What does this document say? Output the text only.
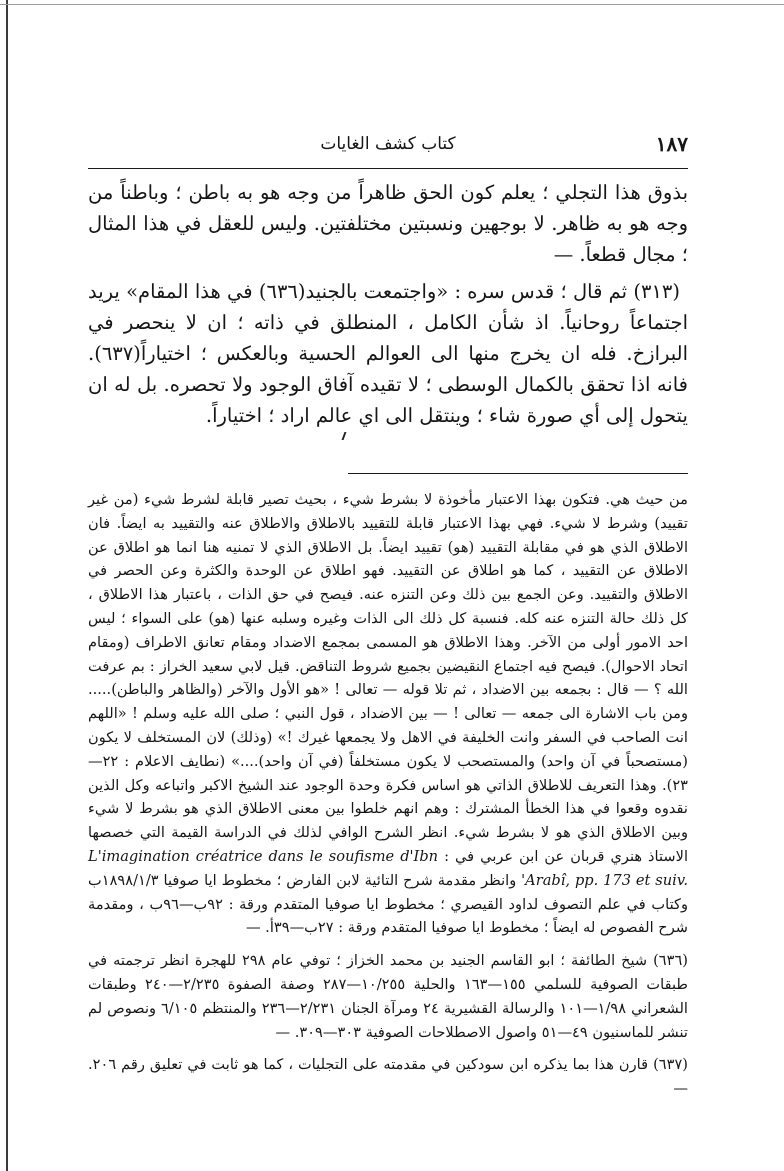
١٨٧
كتاب كشف الغايات

بذوق هذا التجلي ؛ يعلم كون الحق ظاهراً من وجه هو به باطن ؛ وباطناً من وجه هو به ظاهر. لا بوجهين ونسبتين مختلفتين. وليس للعقل في هذا المثال ؛ مجال قطعاً. —

(٣١٣) ثم قال ؛ قدس سره : «واجتمعت بالجنيد(٦٣٦) في هذا المقام» يريد اجتماعاً روحانياً. اذ شأن الكامل ، المنطلق في ذاته ؛ ان لا ينحصر في البرازخ. فله ان يخرج منها الى العوالم الحسية وبالعكس ؛ اختياراً(٦٣٧). فانه اذا تحقق بالكمال الوسطى ؛ لا تقيده آفاق الوجود ولا تحصره. بل له ان يتحول إلى أي صورة شاء ؛ وينتقل الى اي عالم اراد ؛ اختياراً.

من حيث هي. فتكون بهذا الاعتبار مأخوذة لا بشرط شيء ، بحيث تصير قابلة لشرط شيء (من غير تقييد) وشرط لا شيء. فهي بهذا الاعتبار قابلة للتقييد بالاطلاق والاطلاق عنه والتقييد به ايضاً. فان الاطلاق الذي هو في مقابلة التقييد (هو) تقييد ايضاً. بل الاطلاق الذي لا تمنيه هنا انما هو اطلاق عن الاطلاق عن التقييد ، كما هو اطلاق عن التقييد. فهو اطلاق عن الوحدة والكثرة وعن الحصر في الاطلاق والتقييد. وعن الجمع بين ذلك وعن التنزه عنه. فيصح في حق الذات ، باعتبار هذا الاطلاق ، كل ذلك حالة التنزه عنه كله. فنسبة كل ذلك الى الذات وغيره وسلبه عنها (هو) على السواء ؛ ليس احد الامور أولى من الآخر. وهذا الاطلاق هو المسمى بمجمع الاضداد ومقام تعانق الاطراف (ومقام اتحاد الاحوال). فيصح فيه اجتماع النقيضين بجميع شروط التناقض. قيل لابي سعيد الخراز : بم عرفت الله ؟ — قال : بجمعه بين الاضداد ، ثم تلا قوله — تعالى ! «هو الأول والآخر (والظاهر والباطن)..... ومن باب الاشارة الى جمعه — تعالى ! — بين الاضداد ، قول النبي ؛ صلى الله عليه وسلم ! «اللهم انت الصاحب في السفر وانت الخليفة في الاهل ولا يجمعها غيرك !» (وذلك) لان المستخلف لا يكون (مستصحباً في آن واحد) والمستصحب لا يكون مستخلفاً (في آن واحد)....» (نطايف الاعلام : ٢٢—٢٣). وهذا التعريف للاطلاق الذاتي هو اساس فكرة وحدة الوجود عند الشيخ الاكبر واتباعه وكل الذين نقدوه وقعوا في هذا الخطأ المشترك : وهم انهم خلطوا بين معنى الاطلاق الذي هو بشرط لا شيء وبين الاطلاق الذي هو لا بشرط شيء. انظر الشرح الوافي لذلك في الدراسة القيمة التي خصصها الاستاذ هنري قربان عن ابن عربي في : L'imagination créatrice dans le soufisme d'Ibn 'Arabî, pp. 173 et suiv. وانظر مقدمة شرح التائية لابن الفارض ؛ مخطوط ايا صوفيا ١٨٩٨/١/٣ب وكتاب في علم التصوف لداود القيصري ؛ مخطوط ايا صوفيا المتقدم ورقة : ٩٢ب—٩٦ب ، ومقدمة شرح الفصوص له ايضاً ؛ مخطوط ايا صوفيا المتقدم ورقة : ٢٧ب—٣٩أ. —

(٦٣٦) شيخ الطائفة ؛ ابو القاسم الجنيد بن محمد الخزاز ؛ توفي عام ٢٩٨ للهجرة انظر ترجمته في طبقات الصوفية للسلمي ١٥٥—١٦٣ والحلية ١٠/٢٥٥—٢٨٧ وصفة الصفوة ٢/٢٣٥—٢٤٠ وطبقات الشعراني ١/٩٨—١٠١ والرسالة القشيرية ٢٤ ومرآة الجنان ٢/٢٣١—٢٣٦ والمنتظم ٦/١٠٥ ونصوص لم تنشر للماسنيون ٤٩—٥١ واصول الاصطلاحات الصوفية ٣٠٣—٣٠٩. —

(٦٣٧) قارن هذا بما يذكره ابن سودكين في مقدمته على التجليات ، كما هو ثابت في تعليق رقم ٢٠٦. —
